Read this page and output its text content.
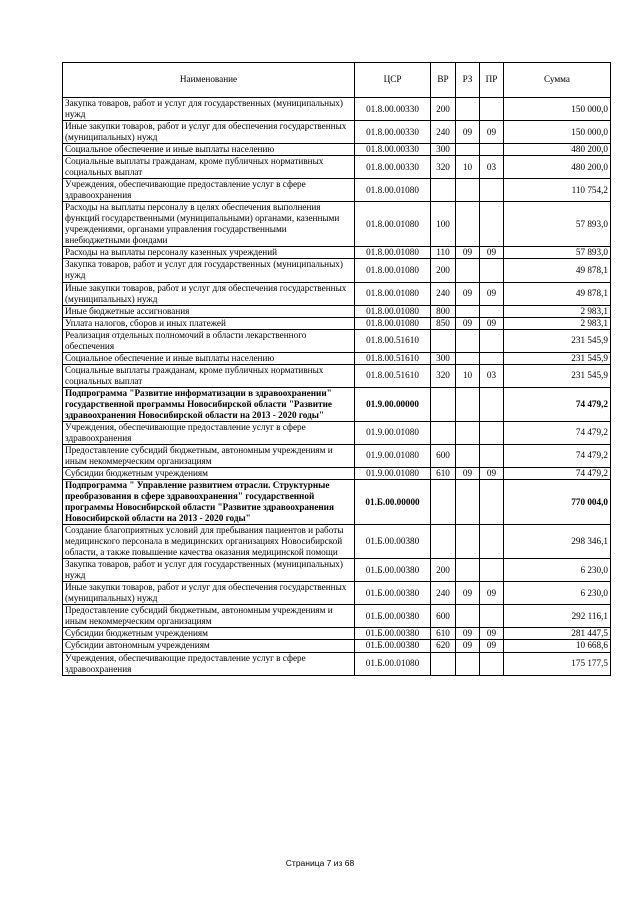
Наименование	ЦСР	ВР	РЗ	ПР	Сумма
Закупка товаров, работ и услуг для государственных (муниципальных) нужд	01.8.00.00330	200			150 000,0
Иные закупки товаров, работ и услуг для обеспечения государственных (муниципальных) нужд	01.8.00.00330	240	09	09	150 000,0
Социальное обеспечение и иные выплаты населению	01.8.00.00330	300			480 200,0
Социальные выплаты гражданам, кроме публичных нормативных социальных выплат	01.8.00.00330	320	10	03	480 200,0
Учреждения, обеспечивающие предоставление услуг в сфере здравоохранения	01.8.00.01080				110 754,2
Расходы на выплаты персоналу в целях обеспечения выполнения функций государственными (муниципальными) органами, казенными учреждениями, органами управления государственными внебюджетными фондами	01.8.00.01080	100			57 893,0
Расходы на выплаты персоналу казенных учреждений	01.8.00.01080	110	09	09	57 893,0
Закупка товаров, работ и услуг для государственных (муниципальных) нужд	01.8.00.01080	200			49 878,1
Иные закупки товаров, работ и услуг для обеспечения государственных (муниципальных) нужд	01.8.00.01080	240	09	09	49 878,1
Иные бюджетные ассигнования	01.8.00.01080	800			2 983,1
Уплата налогов, сборов и иных платежей	01.8.00.01080	850	09	09	2 983,1
Реализация отдельных полномочий в области лекарственного обеспечения	01.8.00.51610				231 545,9
Социальное обеспечение и иные выплаты населению	01.8.00.51610	300			231 545,9
Социальные выплаты гражданам, кроме публичных нормативных социальных выплат	01.8.00.51610	320	10	03	231 545,9
Подпрограмма "Развитие информатизации в здравоохранении" государственной программы Новосибирской области "Развитие здравоохранения Новосибирской области на 2013 - 2020 годы"	01.9.00.00000				74 479,2
Учреждения, обеспечивающие предоставление услуг в сфере здравоохранения	01.9.00.01080				74 479,2
Предоставление субсидий бюджетным, автономным учреждениям и иным некоммерческим организациям	01.9.00.01080	600			74 479,2
Субсидии бюджетным учреждениям	01.9.00.01080	610	09	09	74 479,2
Подпрограмма " Управление развитием отрасли. Структурные преобразования в сфере здравоохранения" государственной программы Новосибирской области "Развитие здравоохранения Новосибирской области на 2013 - 2020 годы"	01.Б.00.00000				770 004,0
Создание благоприятных условий для пребывания пациентов и работы медицинского персонала в медицинских организациях Новосибирской области, а также повышение качества оказания медицинской помощи	01.Б.00.00380				298 346,1
Закупка товаров, работ и услуг для государственных (муниципальных) нужд	01.Б.00.00380	200			6 230,0
Иные закупки товаров, работ и услуг для обеспечения государственных (муниципальных) нужд	01.Б.00.00380	240	09	09	6 230,0
Предоставление субсидий бюджетным, автономным учреждениям и иным некоммерческим организациям	01.Б.00.00380	600			292 116,1
Субсидии бюджетным учреждениям	01.Б.00.00380	610	09	09	281 447,5
Субсидии автономным учреждениям	01.Б.00.00380	620	09	09	10 668,6
Учреждения, обеспечивающие предоставление услуг в сфере здравоохранения	01.Б.00.01080				175 177,5
Страница 7 из 68
